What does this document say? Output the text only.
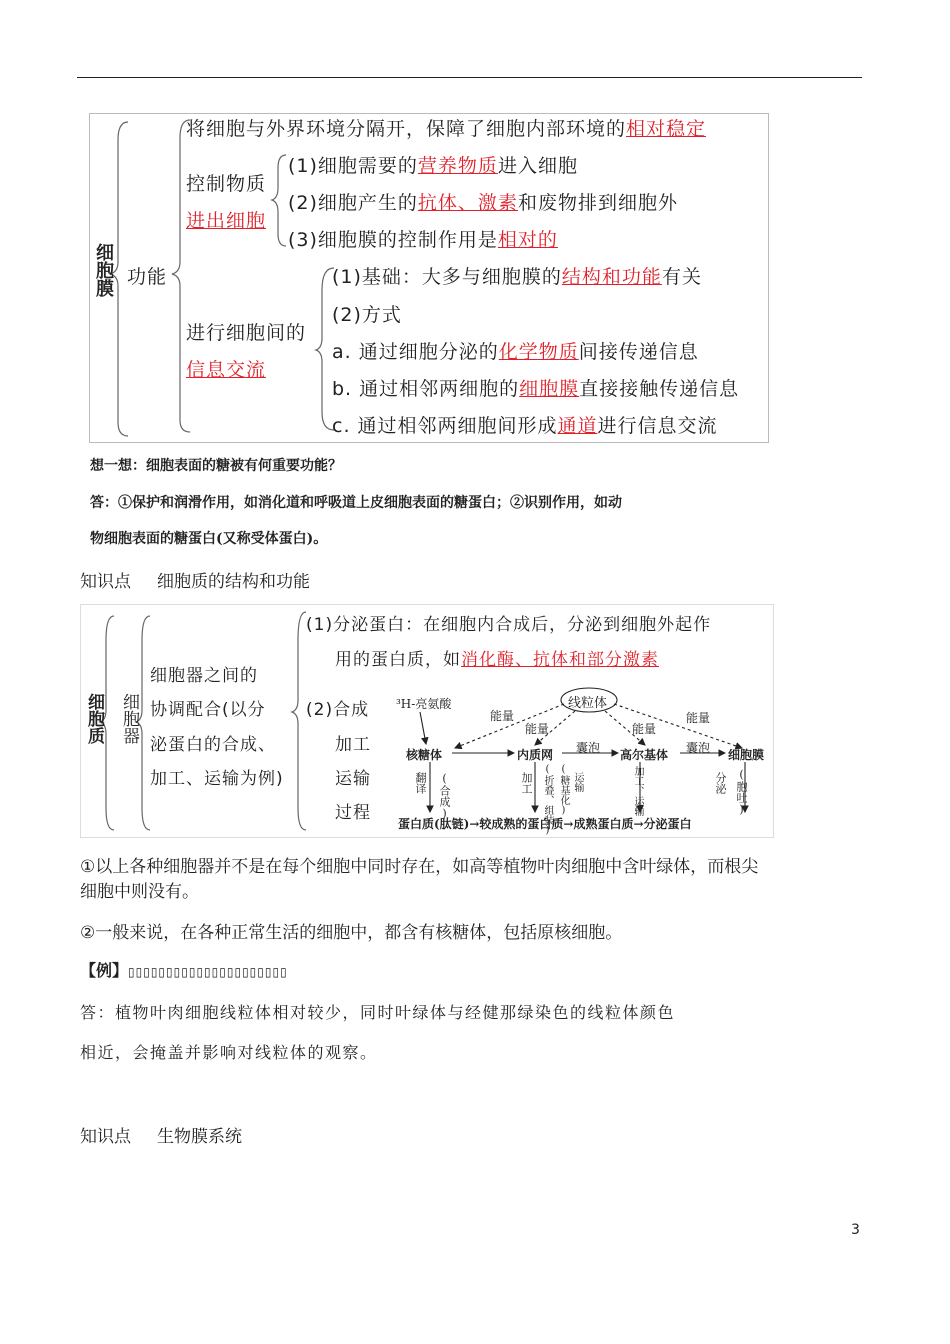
细胞膜 功能
将细胞与外界环境分隔开，保障了细胞内部环境的相对稳定
控制物质
进出细胞
(1)细胞需要的营养物质进入细胞
(2)细胞产生的抗体、激素和废物排到细胞外
(3)细胞膜的控制作用是相对的
进行细胞间的
信息交流
(1)基础：大多与细胞膜的结构和功能有关
(2)方式
a. 通过细胞分泌的化学物质间接传递信息
b. 通过相邻两细胞的细胞膜直接接触传递信息
c. 通过相邻两细胞间形成通道进行信息交流
想一想：细胞表面的糖被有何重要功能？
答：①保护和润滑作用，如消化道和呼吸道上皮细胞表面的糖蛋白；②识别作用，如动
物细胞表面的糖蛋白(又称受体蛋白)。
知识点 细胞质的结构和功能
细胞质 细胞器
细胞器之间的
协调配合(以分
泌蛋白的合成、
加工、运输为例)
(1)分泌蛋白：在细胞内合成后，分泌到细胞外起作
用的蛋白质，如消化酶、抗体和部分激素
(2)合成
加工
运输
过程
³H-亮氨酸	线粒体
能量
能量	能量
能量
核糖体	内质网 囊泡 高尔基体 囊泡 细胞膜
翻译 (合成)	加工 (折叠、组装) (糖基化) 运输	加工、运输	分泌 (胞吐)
蛋白质(肽链)→较成熟的蛋白质→成熟蛋白质→分泌蛋白
①以上各种细胞器并不是在每个细胞中同时存在，如高等植物叶肉细胞中含叶绿体，而根尖
细胞中则没有。
②一般来说，在各种正常生活的细胞中，都含有核糖体，包括原核细胞。
【例】▯▯▯▯▯▯▯▯▯▯▯▯▯▯▯▯▯▯▯▯▯
答：植物叶肉细胞线粒体相对较少，同时叶绿体与经健那绿染色的线粒体颜色
相近，会掩盖并影响对线粒体的观察。
知识点 生物膜系统
3
